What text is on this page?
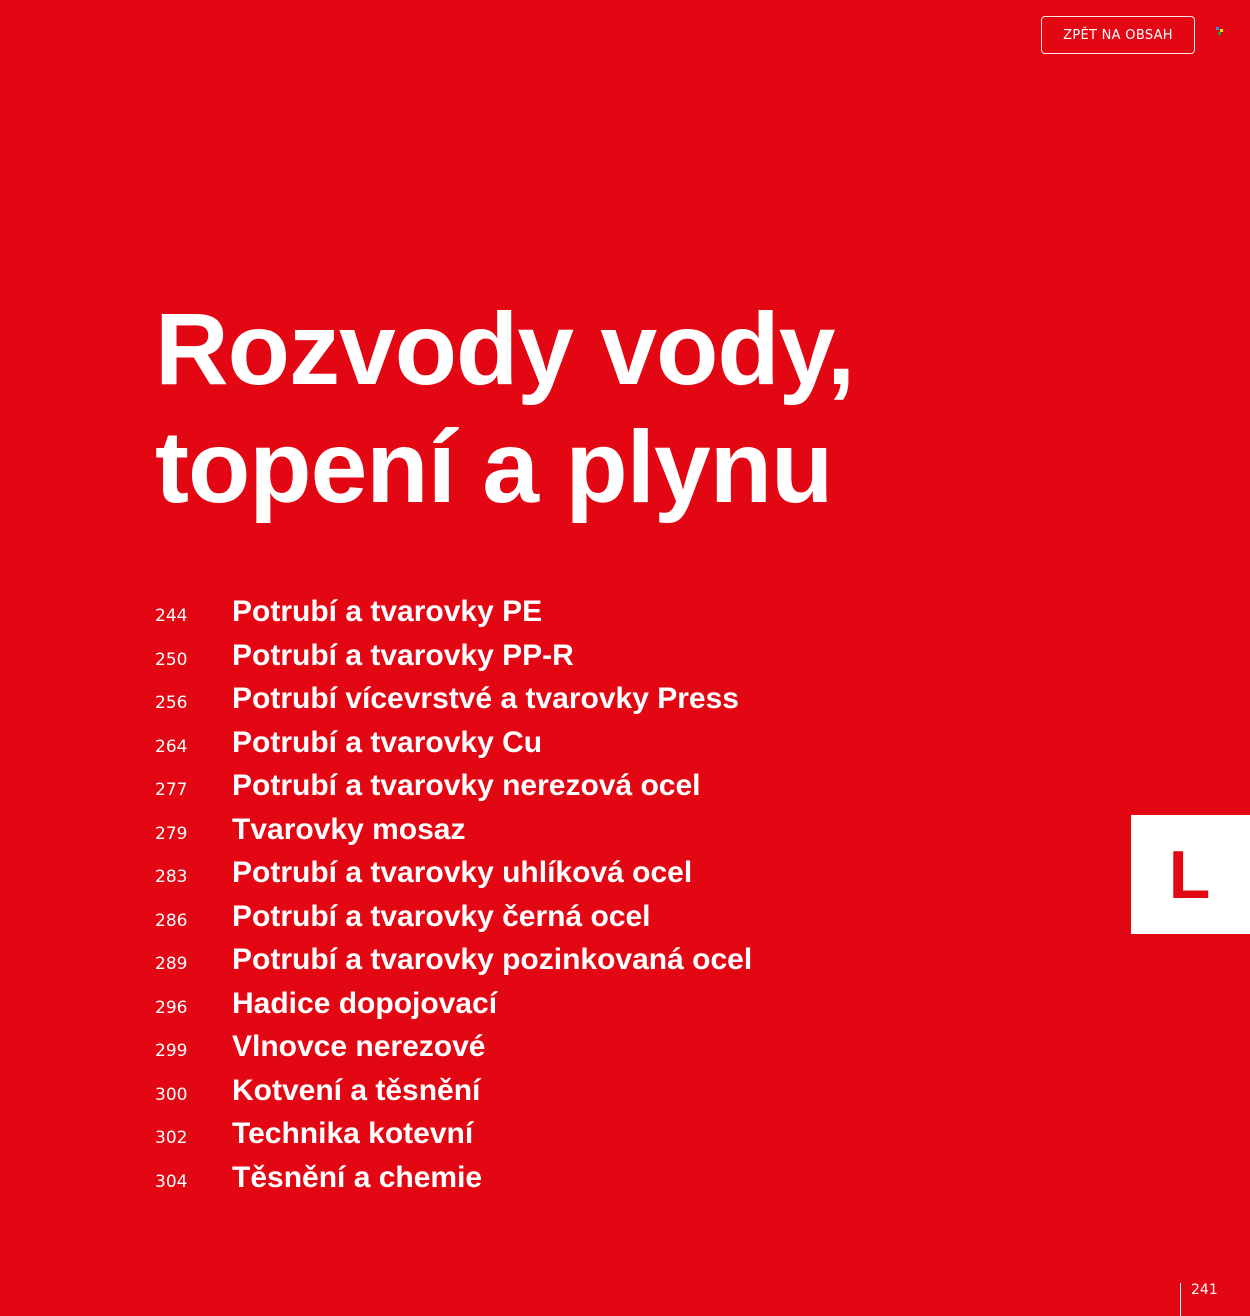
ZPĚT NA OBSAH
Rozvody vody,
topení a plynu
244 Potrubí a tvarovky PE
250 Potrubí a tvarovky PP-R
256 Potrubí vícevrstvé a tvarovky Press
264 Potrubí a tvarovky Cu
277 Potrubí a tvarovky nerezová ocel
279 Tvarovky mosaz
283 Potrubí a tvarovky uhlíková ocel
286 Potrubí a tvarovky černá ocel
289 Potrubí a tvarovky pozinkovaná ocel
296 Hadice dopojovací
299 Vlnovce nerezové
300 Kotvení a těsnění
302 Technika kotevní
304 Těsnění a chemie
L
241
